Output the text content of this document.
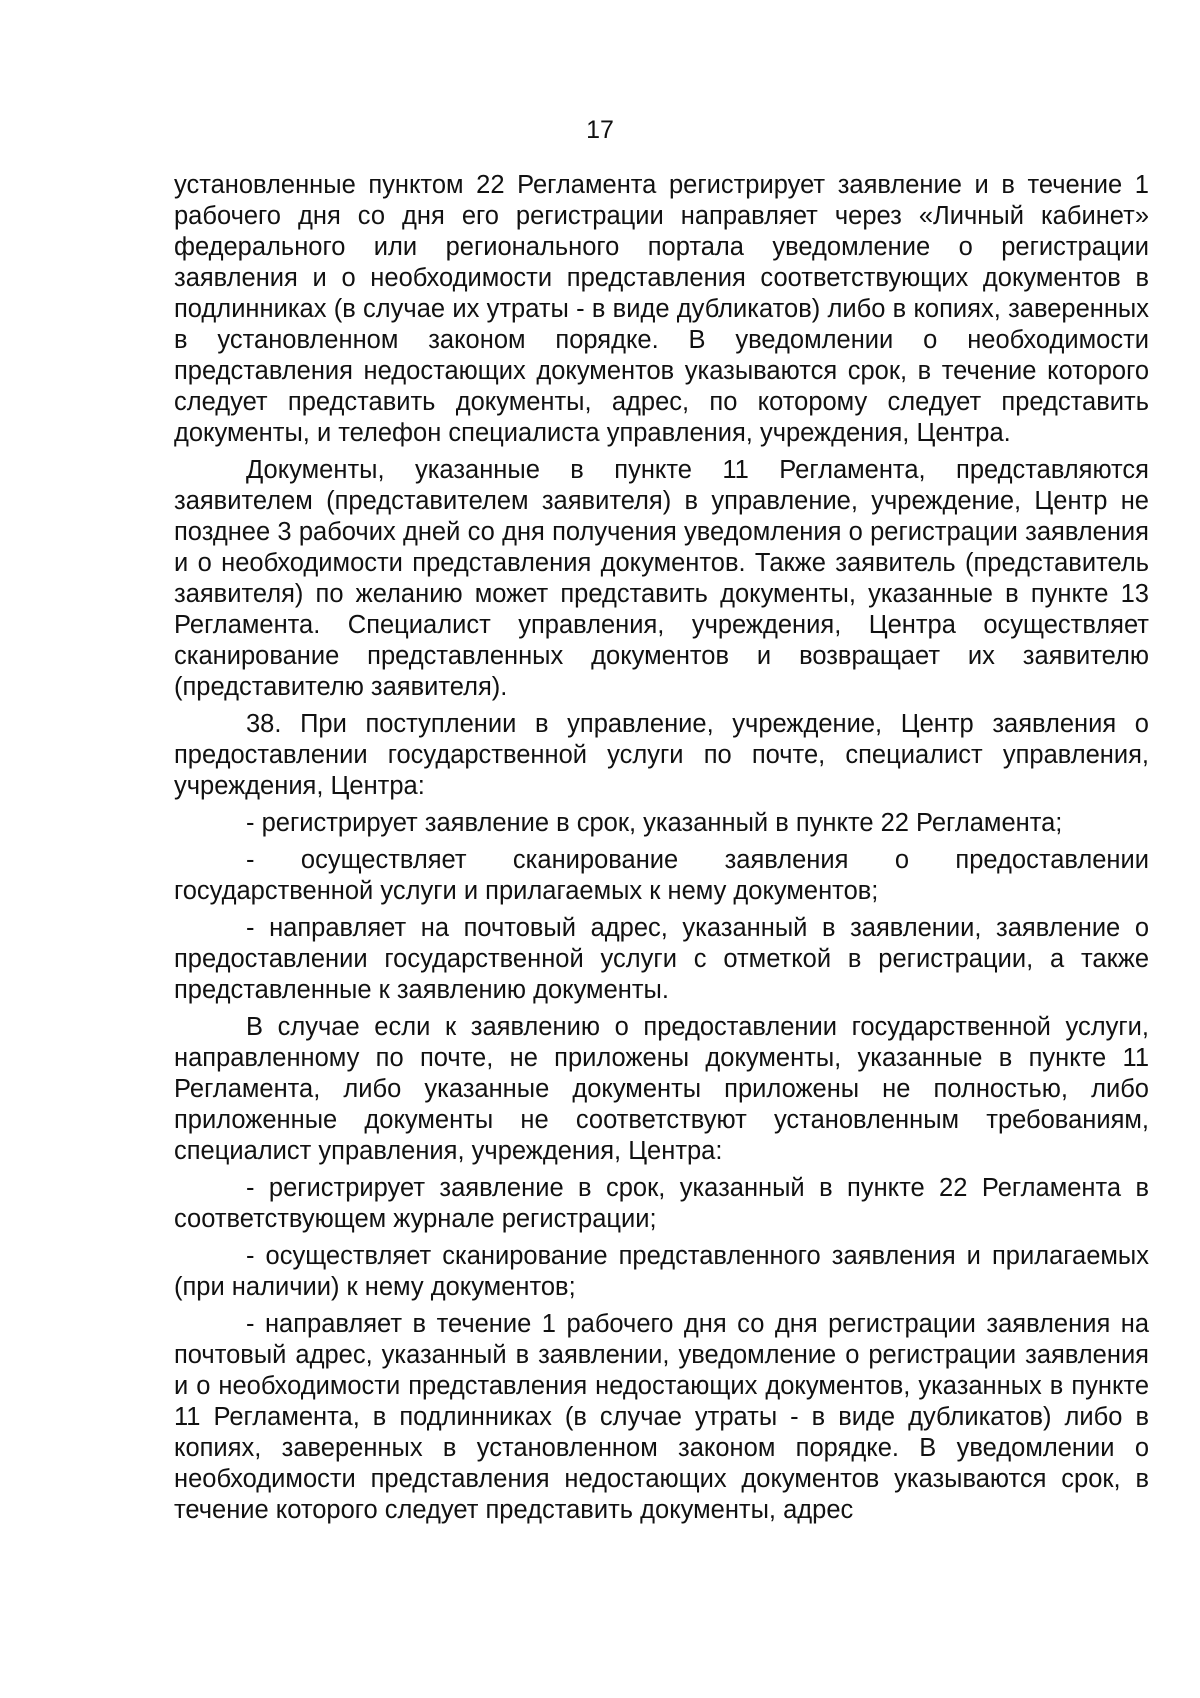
17

установленные пунктом 22 Регламента регистрирует заявление и в течение 1 рабочего дня со дня его регистрации направляет через «Личный кабинет» федерального или регионального портала уведомление о регистрации заявления и о необходимости представления соответствующих документов в подлинниках (в случае их утраты - в виде дубликатов) либо в копиях, заверенных в установленном законом порядке. В уведомлении о необходимости представления недостающих документов указываются срок, в течение которого следует представить документы, адрес, по которому следует представить документы, и телефон специалиста управления, учреждения, Центра.

Документы, указанные в пункте 11 Регламента, представляются заявителем (представителем заявителя) в управление, учреждение, Центр не позднее 3 рабочих дней со дня получения уведомления о регистрации заявления и о необходимости представления документов. Также заявитель (представитель заявителя) по желанию может представить документы, указанные в пункте 13 Регламента. Специалист управления, учреждения, Центра осуществляет сканирование представленных документов и возвращает их заявителю (представителю заявителя).

38. При поступлении в управление, учреждение, Центр заявления о предоставлении государственной услуги по почте, специалист управления, учреждения, Центра:

- регистрирует заявление в срок, указанный в пункте 22 Регламента;

- осуществляет сканирование заявления о предоставлении государственной услуги и прилагаемых к нему документов;

- направляет на почтовый адрес, указанный в заявлении, заявление о предоставлении государственной услуги с отметкой в регистрации, а также представленные к заявлению документы.

В случае если к заявлению о предоставлении государственной услуги, направленному по почте, не приложены документы, указанные в пункте 11 Регламента, либо указанные документы приложены не полностью, либо приложенные документы не соответствуют установленным требованиям, специалист управления, учреждения, Центра:

- регистрирует заявление в срок, указанный в пункте 22 Регламента в соответствующем журнале регистрации;

- осуществляет сканирование представленного заявления и прилагаемых (при наличии) к нему документов;

- направляет в течение 1 рабочего дня со дня регистрации заявления на почтовый адрес, указанный в заявлении, уведомление о регистрации заявления и о необходимости представления недостающих документов, указанных в пункте 11 Регламента, в подлинниках (в случае утраты - в виде дубликатов) либо в копиях, заверенных в установленном законом порядке. В уведомлении о необходимости представления недостающих документов указываются срок, в течение которого следует представить документы, адрес
